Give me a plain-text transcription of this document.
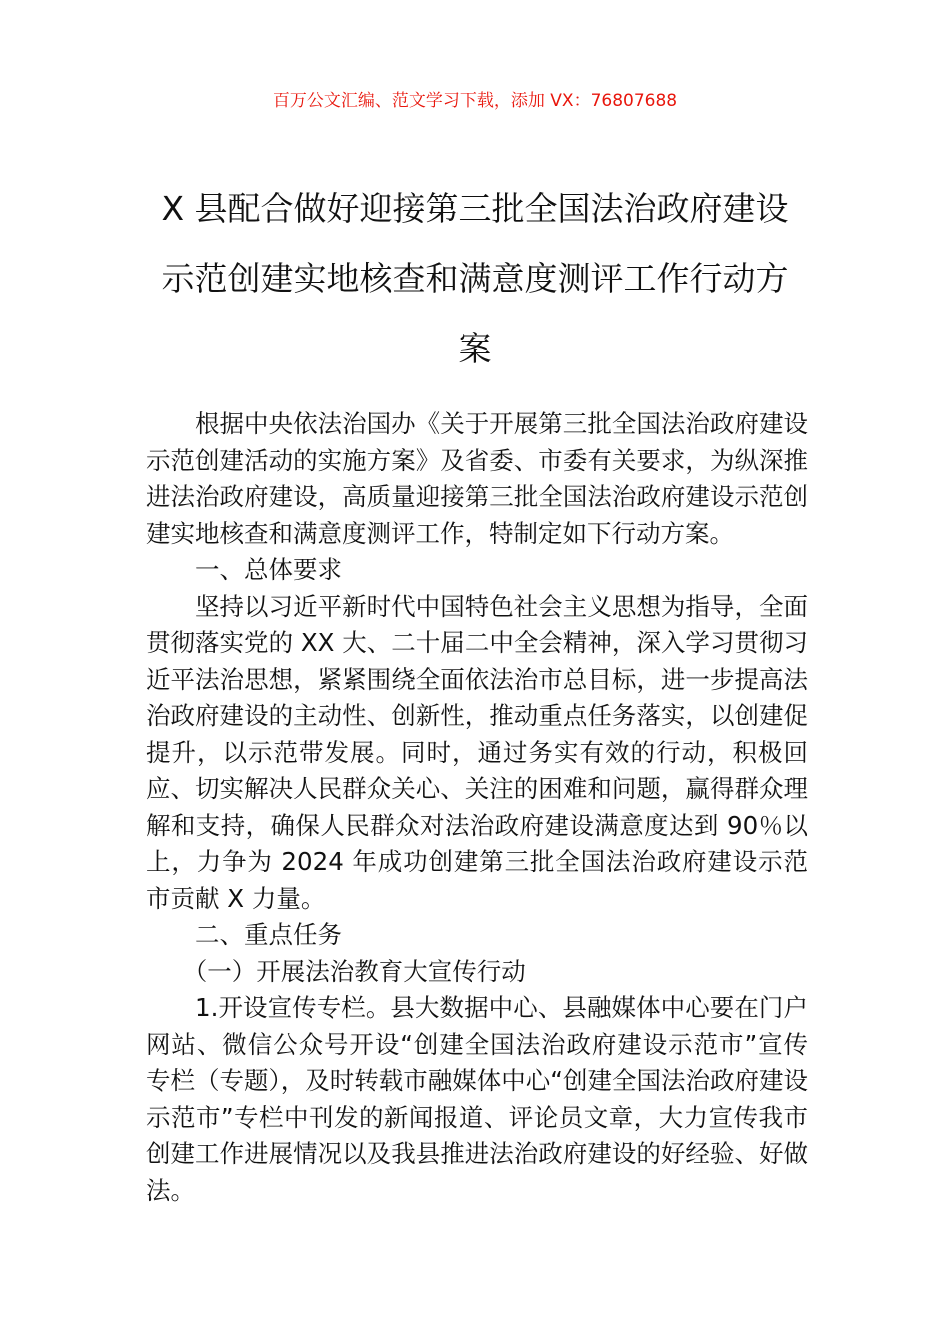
百万公文汇编、范文学习下载，添加 VX：76807688
X 县配合做好迎接第三批全国法治政府建设示范创建实地核查和满意度测评工作行动方案

根据中央依法治国办《关于开展第三批全国法治政府建设示范创建活动的实施方案》及省委、市委有关要求，为纵深推进法治政府建设，高质量迎接第三批全国法治政府建设示范创建实地核查和满意度测评工作，特制定如下行动方案。

一、总体要求

坚持以习近平新时代中国特色社会主义思想为指导，全面贯彻落实党的 XX 大、二十届二中全会精神，深入学习贯彻习近平法治思想，紧紧围绕全面依法治市总目标，进一步提高法治政府建设的主动性、创新性，推动重点任务落实，以创建促提升，以示范带发展。同时，通过务实有效的行动，积极回应、切实解决人民群众关心、关注的困难和问题，赢得群众理解和支持，确保人民群众对法治政府建设满意度达到 90％以上，力争为 2024 年成功创建第三批全国法治政府建设示范市贡献 X 力量。

二、重点任务

（一）开展法治教育大宣传行动

1.开设宣传专栏。县大数据中心、县融媒体中心要在门户网站、微信公众号开设“创建全国法治政府建设示范市”宣传专栏（专题），及时转载市融媒体中心“创建全国法治政府建设示范市”专栏中刊发的新闻报道、评论员文章，大力宣传我市创建工作进展情况以及我县推进法治政府建设的好经验、好做法。
